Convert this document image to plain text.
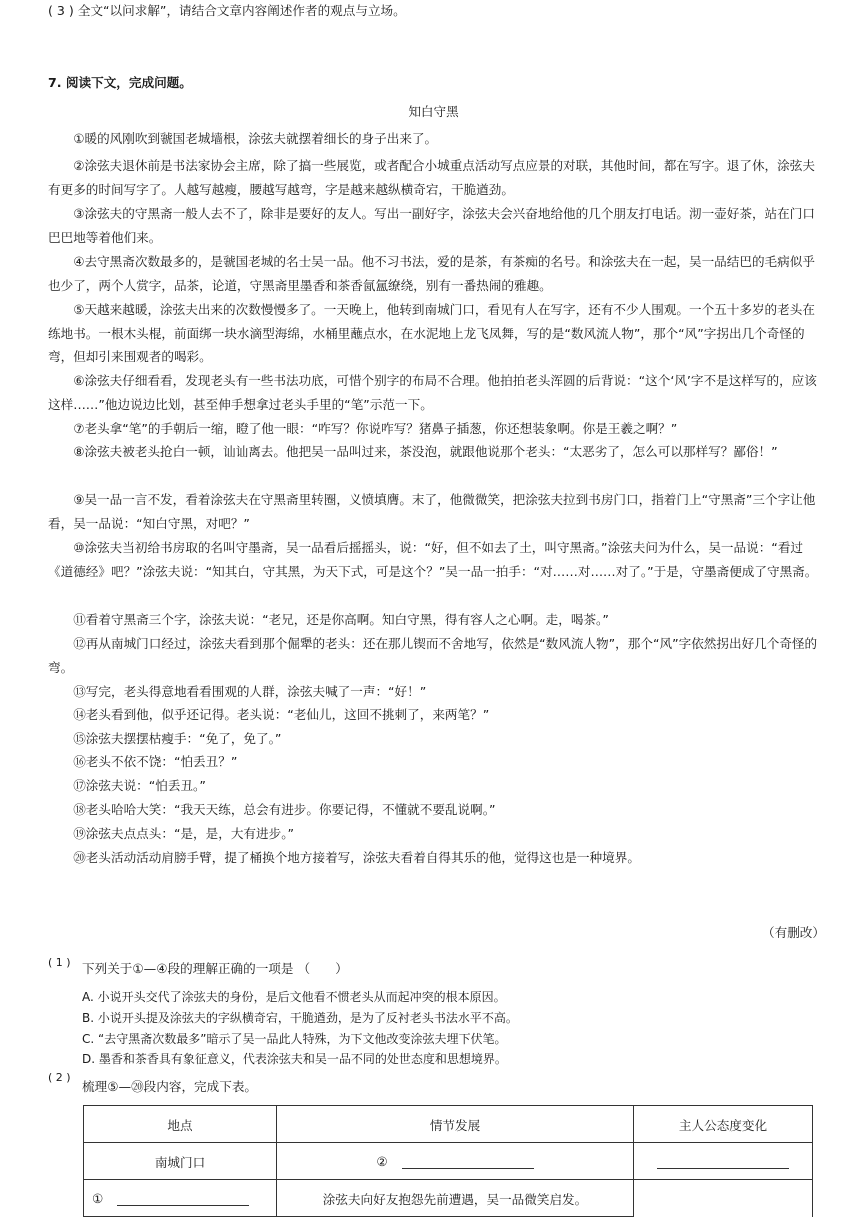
( 3 ) 全文“以问求解”，请结合文章内容阐述作者的观点与立场。
7. 阅读下文，完成问题。
知白守黑
①暖的风刚吹到虢国老城墙根，涂弦夫就摆着细长的身子出来了。
②涂弦夫退休前是书法家协会主席，除了搞一些展览，或者配合小城重点活动写点应景的对联，其他时间，都在写字。退了休，涂弦夫有更多的时间写字了。人越写越瘦，腰越写越弯，字是越来越纵横奇宕，干脆遒劲。
③涂弦夫的守黑斋一般人去不了，除非是要好的友人。写出一副好字，涂弦夫会兴奋地给他的几个朋友打电话。沏一壶好茶，站在门口巴巴地等着他们来。
④去守黑斋次数最多的，是虢国老城的名士吴一品。他不习书法，爱的是茶，有茶痴的名号。和涂弦夫在一起，吴一品结巴的毛病似乎也少了，两个人赏字，品茶，论道，守黑斋里墨香和茶香氤氲缭绕，别有一番热闹的雅趣。
⑤天越来越暖，涂弦夫出来的次数慢慢多了。一天晚上，他转到南城门口，看见有人在写字，还有不少人围观。一个五十多岁的老头在练地书。一根木头棍，前面绑一块水滴型海绵，水桶里蘸点水，在水泥地上龙飞凤舞，写的是“数风流人物”，那个“风”字拐出几个奇怪的弯，但却引来围观者的喝彩。
⑥涂弦夫仔细看看，发现老头有一些书法功底，可惜个别字的布局不合理。他拍拍老头浑圆的后背说：“这个‘风’字不是这样写的，应该这样……”他边说边比划，甚至伸手想拿过老头手里的“笔”示范一下。
⑦老头拿“笔”的手朝后一缩，瞪了他一眼：“咋写？你说咋写？猪鼻子插葱，你还想装象啊。你是王羲之啊？”
⑧涂弦夫被老头抢白一顿，讪讪离去。他把吴一品叫过来，茶没泡，就跟他说那个老头：“太恶劣了，怎么可以那样写？鄙俗！”
⑨吴一品一言不发，看着涂弦夫在守黑斋里转圈，义愤填膺。末了，他微微笑，把涂弦夫拉到书房门口，指着门上“守黑斋”三个字让他看，吴一品说：“知白守黑，对吧？”
⑩涂弦夫当初给书房取的名叫守墨斋，吴一品看后摇摇头，说：“好，但不如去了土，叫守黑斋。”涂弦夫问为什么，吴一品说：“看过《道德经》吧？”涂弦夫说：“知其白，守其黑，为天下式，可是这个？”吴一品一拍手：“对……对……对了。”于是，守墨斋便成了守黑斋。
⑪看着守黑斋三个字，涂弦夫说：“老兄，还是你高啊。知白守黑，得有容人之心啊。走，喝茶。”
⑫再从南城门口经过，涂弦夫看到那个倔犟的老头：还在那儿锲而不舍地写，依然是“数风流人物”，那个“风”字依然拐出好几个奇怪的弯。
⑬写完，老头得意地看看围观的人群，涂弦夫喊了一声：“好！”
⑭老头看到他，似乎还记得。老头说：“老仙儿，这回不挑刺了，来两笔？”
⑮涂弦夫摆摆枯瘦手：“免了，免了。”
⑯老头不依不饶：“怕丢丑？”
⑰涂弦夫说：“怕丢丑。”
⑱老头哈哈大笑：“我天天练，总会有进步。你要记得，不懂就不要乱说啊。”
⑲涂弦夫点点头：“是，是，大有进步。”
⑳老头活动活动肩膀手臂，提了桶换个地方接着写，涂弦夫看着自得其乐的他，觉得这也是一种境界。
（有删改）
( 1 ) 下列关于①—④段的理解正确的一项是 （　　）
A. 小说开头交代了涂弦夫的身份，是后文他看不惯老头从而起冲突的根本原因。
B. 小说开头提及涂弦夫的字纵横奇宕，干脆遒劲，是为了反衬老头书法水平不高。
C. “去守黑斋次数最多”暗示了吴一品此人特殊，为下文他改变涂弦夫埋下伏笔。
D. 墨香和茶香具有象征意义，代表涂弦夫和吴一品不同的处世态度和思想境界。
( 2 )
梳理⑤—⑳段内容，完成下表。
地点	情节发展	主人公态度变化
南城门口	②	
①	涂弦夫向好友抱怨先前遭遇，吴一品微笑启发。	
